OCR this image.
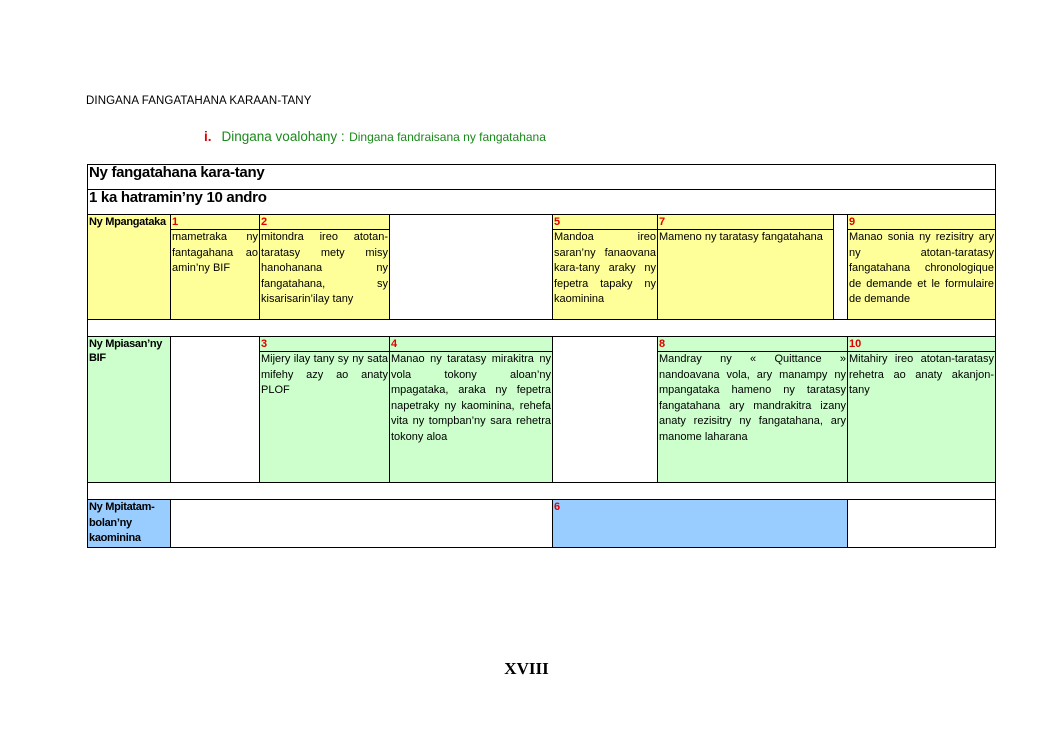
DINGANA FANGATAHANA KARAAN-TANY
i. Dingana voalohany : Dingana fandraisana ny fangatahana
Ny fangatahana kara-tany							
1 ka hatramin’ny 10 andro							
Ny Mpangataka	1	2		5	7		9
	mametraka ny fantagahana ao amin’ny BIF	mitondra ireo atotan-taratasy mety misy hanohanana ny fangatahana, sy kisarisarin’ilay tany		Mandoa ireo saran’ny fanaovana kara-tany araky ny fepetra tapaky ny kaominina	Mameno ny taratasy fangatahana		Manao sonia ny rezisitry ary ny atotan-taratasy fangatahana chronologique de demande et le formulaire de demande

Ny Mpiasan’ny BIF		3	4		8		10
		Mijery ilay tany sy ny sata mifehy azy ao anaty PLOF	Manao ny taratasy mirakitra ny vola tokony aloan’ny mpagataka, araka ny fepetra napetraky ny kaominina, rehefa vita ny tompban’ny sara rehetra tokony aloa		Mandray ny « Quittance » nandoavana vola, ary manampy ny mpangataka hameno ny taratasy fangatahana ary mandrakitra izany anaty rezisitry ny fangatahana, ary manome laharana		Mitahiry ireo atotan-taratasy rehetra ao anaty akanjon-tany

Ny Mpitatam-bolan’ny kaominina				6			
XVIII
